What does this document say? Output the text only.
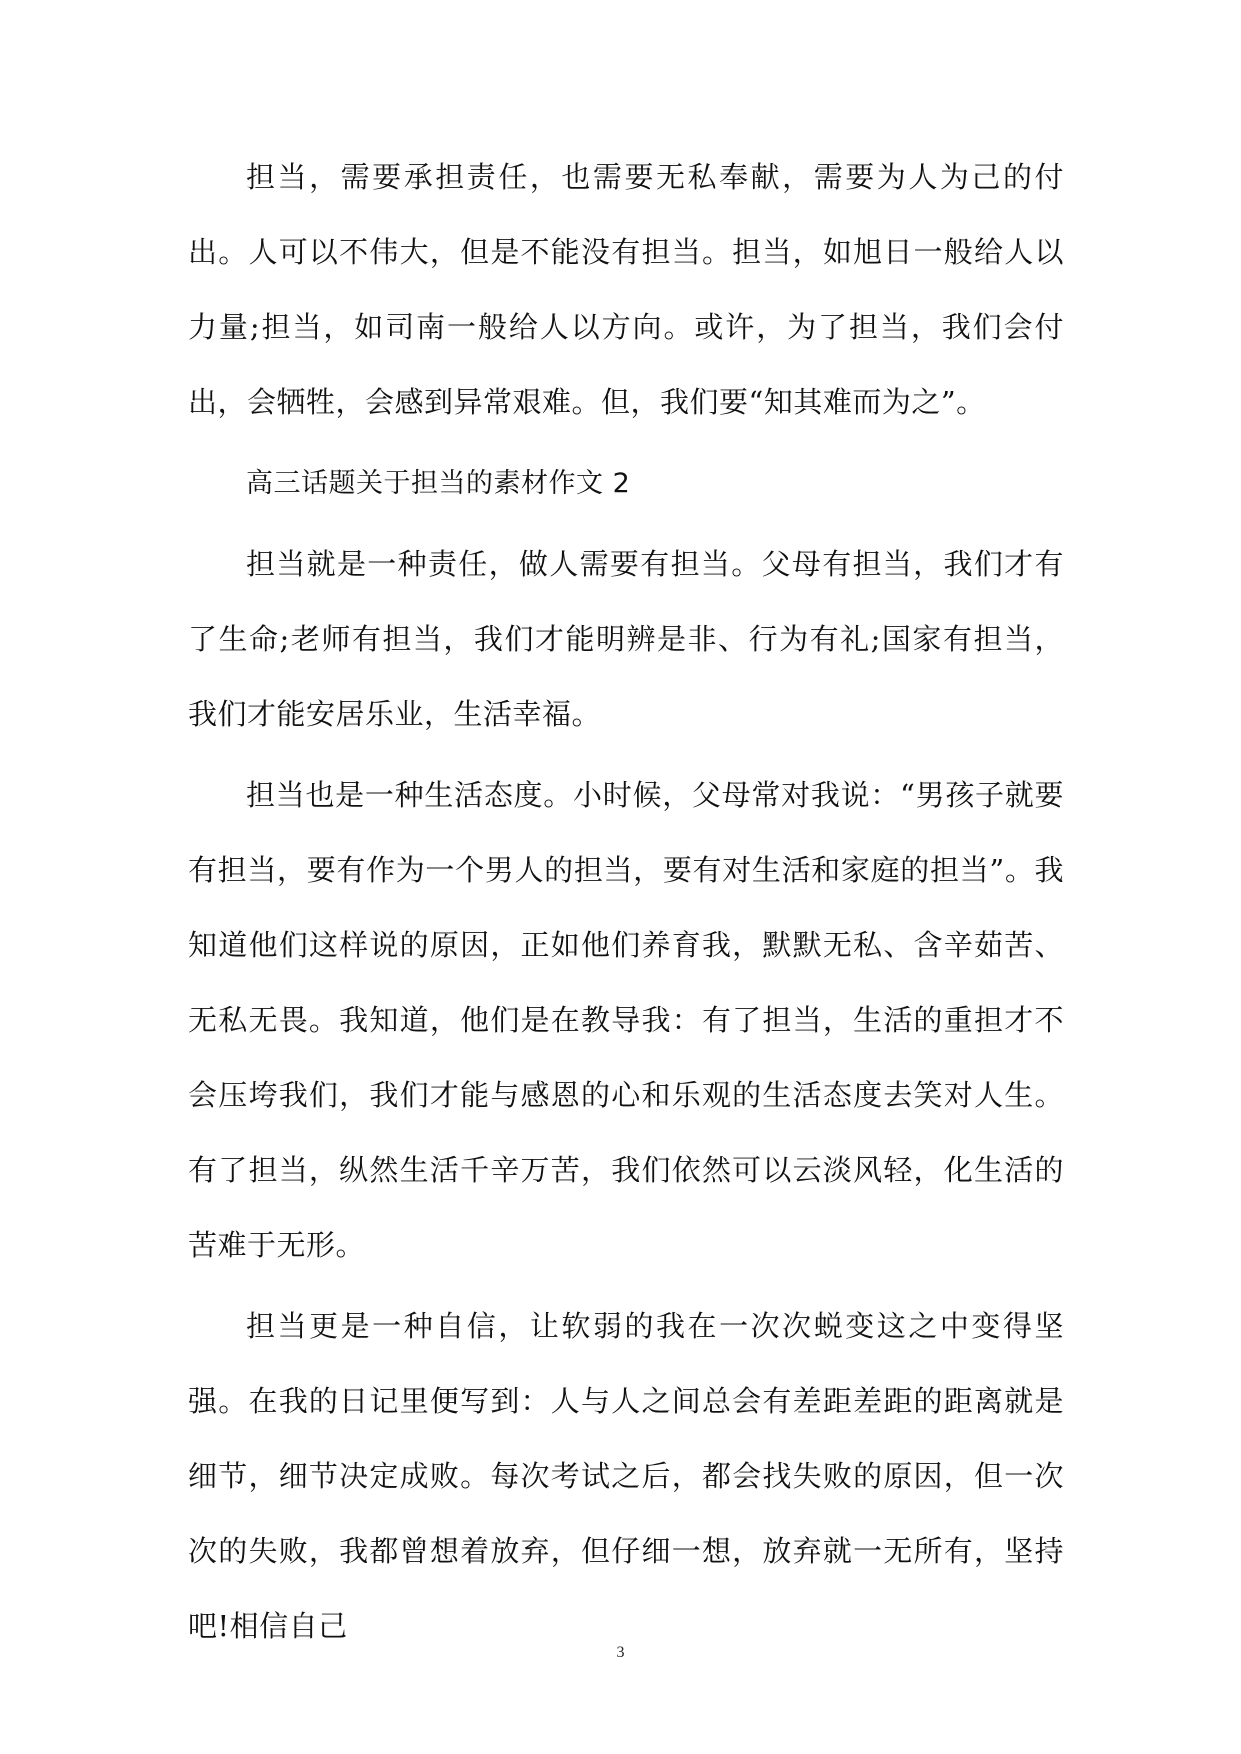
担当，需要承担责任，也需要无私奉献，需要为人为己的付出。人可以不伟大，但是不能没有担当。担当，如旭日一般给人以力量;担当，如司南一般给人以方向。或许，为了担当，我们会付出，会牺牲，会感到异常艰难。但，我们要“知其难而为之”。

高三话题关于担当的素材作文 2

担当就是一种责任，做人需要有担当。父母有担当，我们才有了生命;老师有担当，我们才能明辨是非、行为有礼;国家有担当，我们才能安居乐业，生活幸福。

担当也是一种生活态度。小时候，父母常对我说：“男孩子就要有担当，要有作为一个男人的担当，要有对生活和家庭的担当”。我知道他们这样说的原因，正如他们养育我，默默无私、含辛茹苦、无私无畏。我知道，他们是在教导我：有了担当，生活的重担才不会压垮我们，我们才能与感恩的心和乐观的生活态度去笑对人生。有了担当，纵然生活千辛万苦，我们依然可以云淡风轻，化生活的苦难于无形。

担当更是一种自信，让软弱的我在一次次蜕变这之中变得坚强。在我的日记里便写到：人与人之间总会有差距差距的距离就是细节，细节决定成败。每次考试之后，都会找失败的原因，但一次次的失败，我都曾想着放弃，但仔细一想，放弃就一无所有，坚持吧!相信自己

3
